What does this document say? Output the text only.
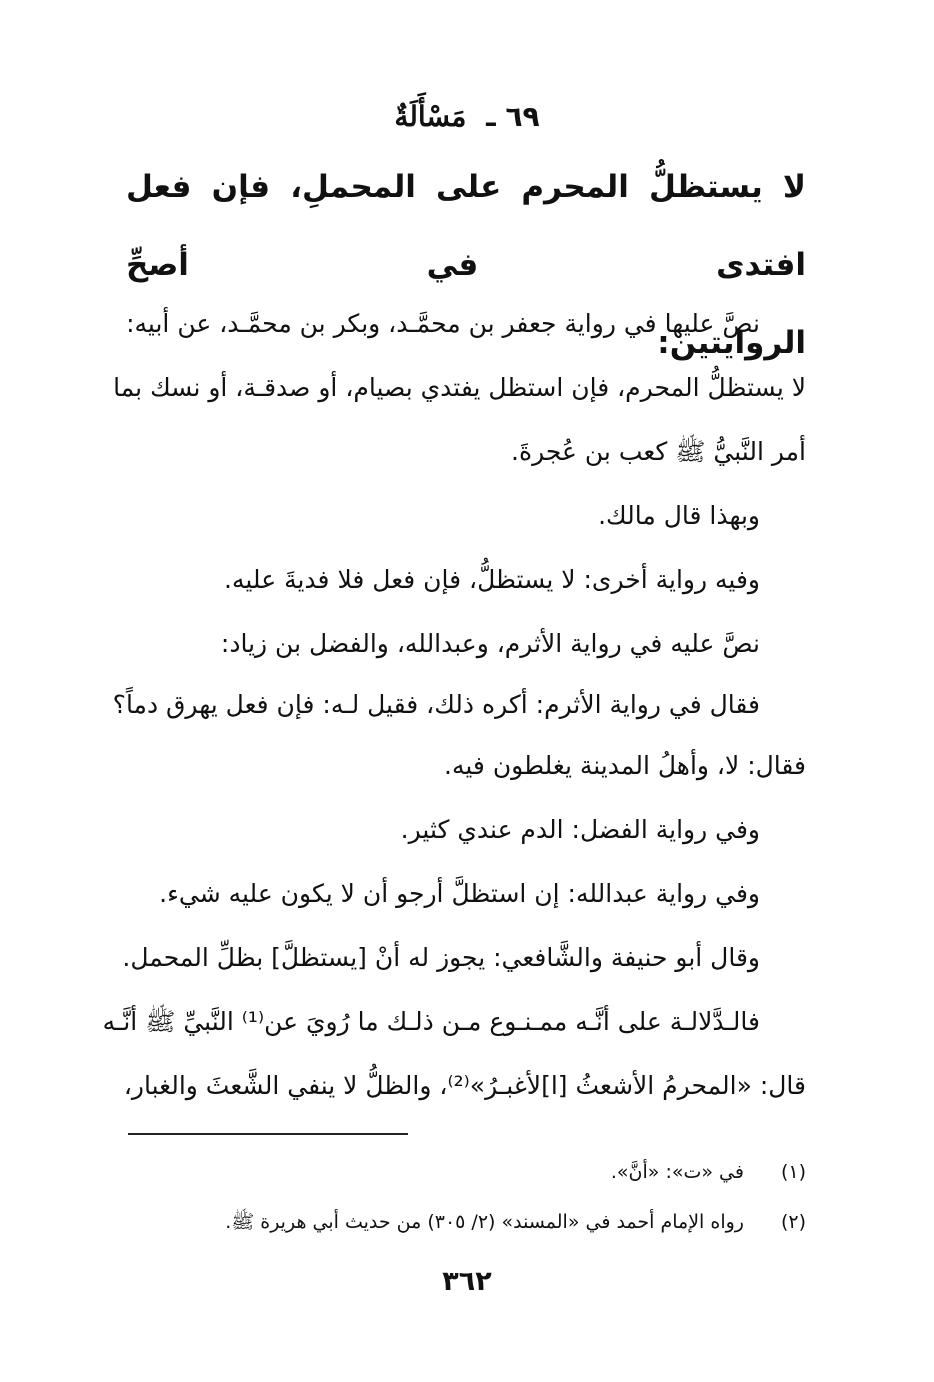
٦٩ ـ مَسْأَلَةٌ
لا يستظلُّ المحرم على المحملِ، فإن فعل افتدى في أصحِّ
الروايتين:
نصَّ عليها في رواية جعفر بن محمَّـد، وبكر بن محمَّـد، عن أبيه:
لا يستظلُّ المحرم، فإن استظل يفتدي بصيام، أو صدقـة، أو نسك بما
أمر النَّبيُّ ﷺ كعب بن عُجرةَ.
وبهذا قال مالك.
وفيه رواية أخرى: لا يستظلُّ، فإن فعل فلا فديةَ عليه.
نصَّ عليه في رواية الأثرم، وعبدالله، والفضل بن زياد:
فقال في رواية الأثرم: أكره ذلك، فقيل لـه: فإن فعل يهرق دماً؟
فقال: لا، وأهلُ المدينة يغلطون فيه.
وفي رواية الفضل: الدم عندي كثير.
وفي رواية عبدالله: إن استظلَّ أرجو أن لا يكون عليه شيء.
وقال أبو حنيفة والشَّافعي: يجوز له أنْ [يستظلَّ] بظلِّ المحمل.
فالـدَّلالـة على أنَّـه ممـنـوع مـن ذلـك ما رُويَ عن⁽¹⁾ النَّبيِّ ﷺ أنَّـه
قال: «المحرمُ الأشعثُ [ا]لأغبـرُ»⁽²⁾، والظلُّ لا ينفي الشَّعثَ والغبار،
(١) في «ت»: «أنَّ».
(٢) رواه الإمام أحمد في «المسند» (٢/ ٣٠٥) من حديث أبي هريرة ﷺ.
٣٦٢
